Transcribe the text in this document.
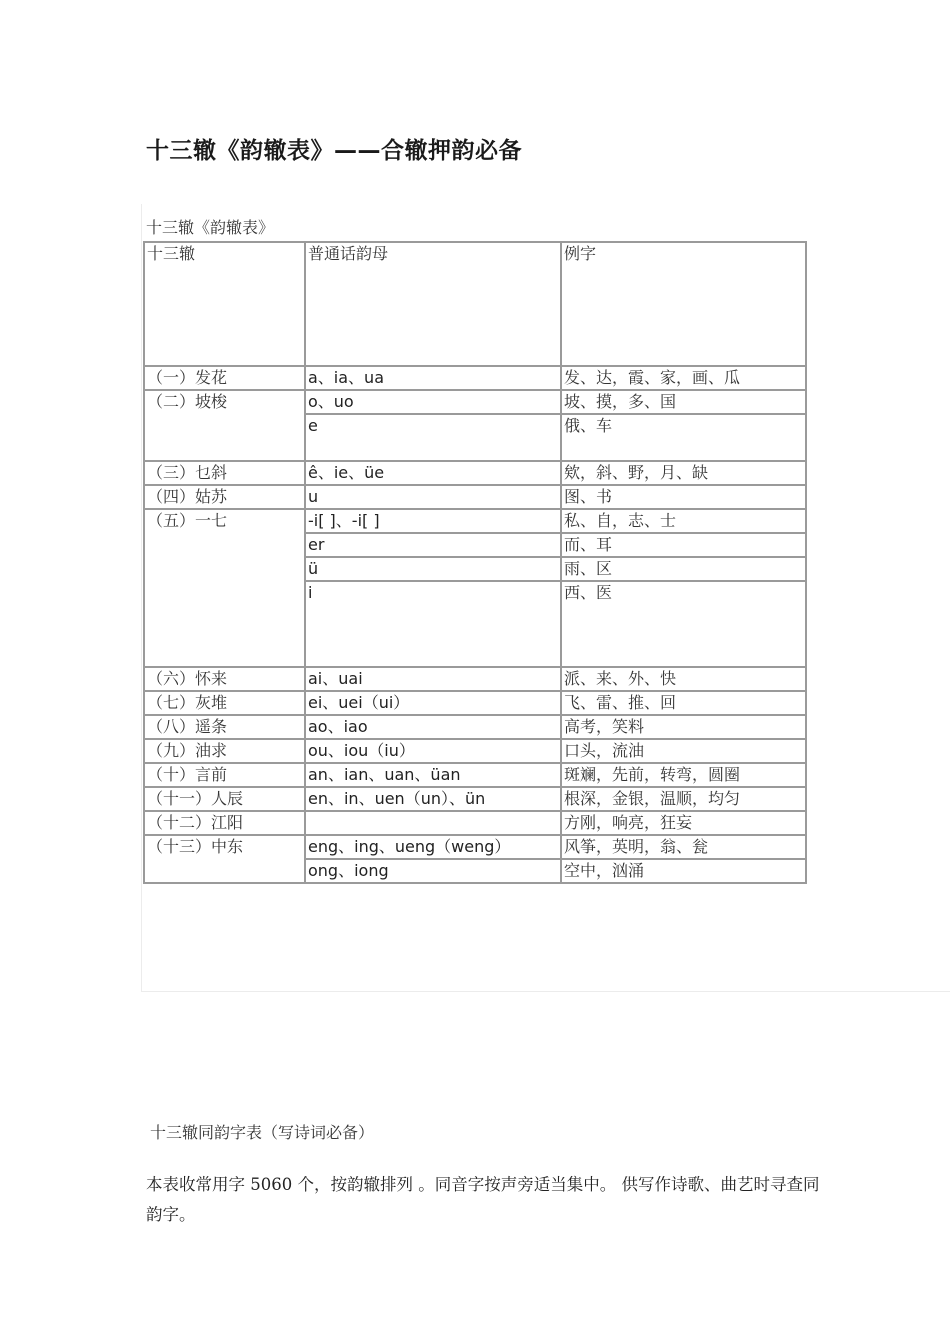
十三辙《韵辙表》——合辙押韵必备
十三辙《韵辙表》
十三辙	普通话韵母	例字
（一）发花	a、ia、ua	发、达，霞、家，画、瓜
（二）坡梭	o、uo	坡、摸，多、国
	e	俄、车
（三）乜斜	ê、ie、üe	欸，斜、野，月、缺
（四）姑苏	u	图、书
（五）一七	-i[ ]、-i[ ]	私、自，志、士
	er	而、耳
	ü	雨、区
	i	西、医
（六）怀来	ai、uai	派、来、外、快
（七）灰堆	ei、uei（ui）	飞、雷、推、回
（八）遥条	ao、iao	高考，笑料
（九）油求	ou、iou（iu）	口头，流油
（十）言前	an、ian、uan、üan	斑斓，先前，转弯，圆圈
（十一）人辰	en、in、uen（un）、ün	根深，金银，温顺，均匀
（十二）江阳		方刚，响亮，狂妄
（十三）中东	eng、ing、ueng（weng）	风筝，英明，翁、瓮
	ong、iong	空中，汹涌
十三辙同韵字表（写诗词必备）
本表收常用字 5060 个，按韵辙排列 。同音字按声旁适当集中。 供写作诗歌、曲艺时寻查同韵字。
